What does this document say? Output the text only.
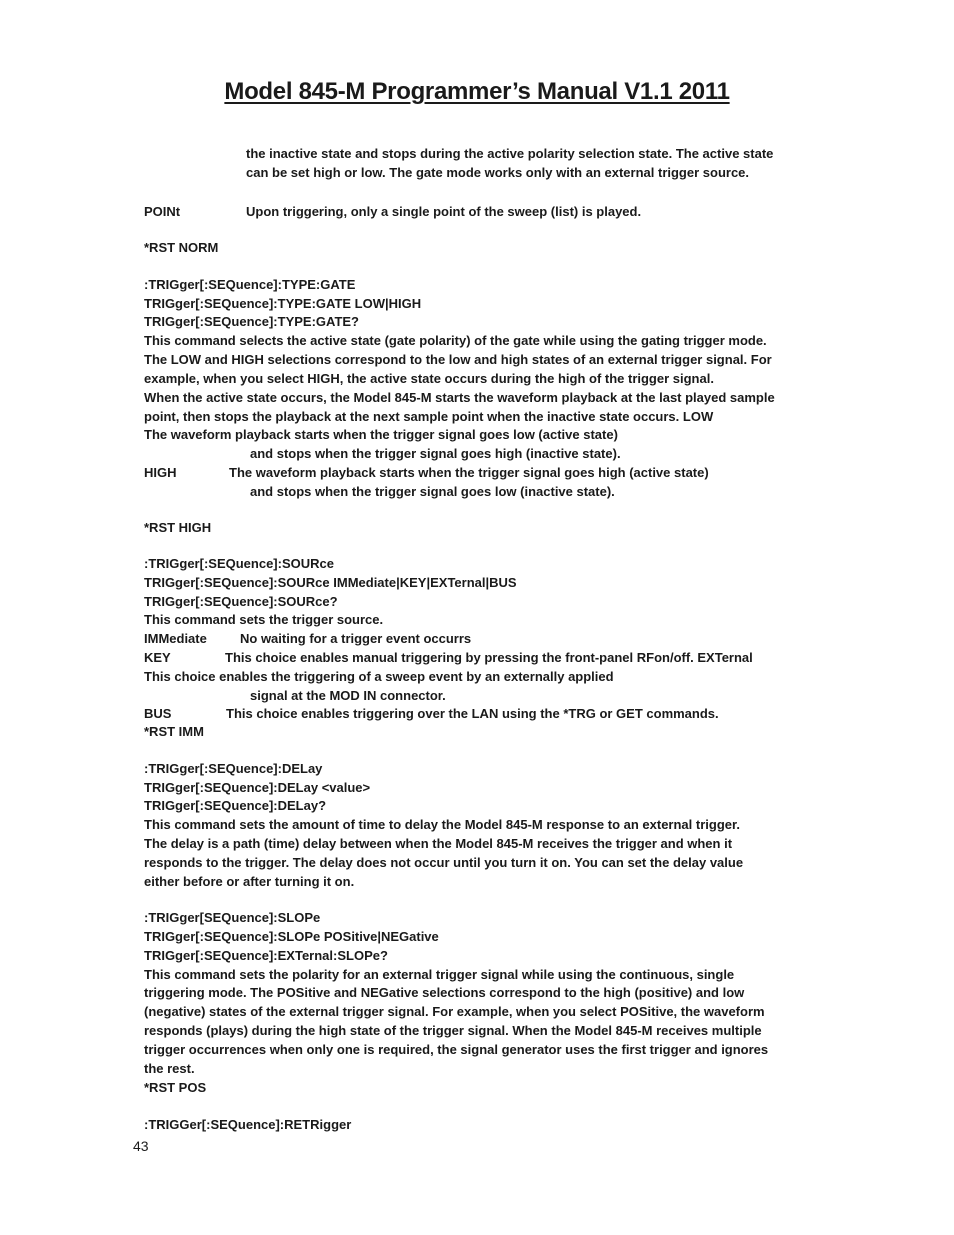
Model 845-M Programmer’s Manual V1.1 2011
the inactive state and stops during the active polarity selection state. The active state
can be set high or low. The gate mode works only with an external trigger source.
POINt	Upon triggering, only a single point of the sweep (list) is played.
*RST NORM
:TRIGger[:SEQuence]:TYPE:GATE
TRIGger[:SEQuence]:TYPE:GATE LOW|HIGH
TRIGger[:SEQuence]:TYPE:GATE?
This command selects the active state (gate polarity) of the gate while using the gating trigger mode.
The LOW and HIGH selections correspond to the low and high states of an external trigger signal. For
example, when you select HIGH, the active state occurs during the high of the trigger signal.
When the active state occurs, the Model 845-M starts the waveform playback at the last played sample
point, then stops the playback at the next sample point when the inactive state occurs. LOW
The waveform playback starts when the trigger signal goes low (active state)
and stops when the trigger signal goes high (inactive state).
HIGH	The waveform playback starts when the trigger signal goes high (active state)
and stops when the trigger signal goes low (inactive state).
*RST HIGH
:TRIGger[:SEQuence]:SOURce
TRIGger[:SEQuence]:SOURce IMMediate|KEY|EXTernal|BUS
TRIGger[:SEQuence]:SOURce?
This command sets the trigger source.
IMMediate	No waiting for a trigger event occurrs
KEY	This choice enables manual triggering by pressing the front-panel RFon/off. EXTernal
This choice enables the triggering of a sweep event by an externally applied
signal at the MOD IN connector.
BUS	This choice enables triggering over the LAN using the *TRG or GET commands.
*RST IMM
:TRIGger[:SEQuence]:DELay
TRIGger[:SEQuence]:DELay <value>
TRIGger[:SEQuence]:DELay?
This command sets the amount of time to delay the Model 845-M response to an external trigger.
The delay is a path (time) delay between when the Model 845-M receives the trigger and when it
responds to the trigger. The delay does not occur until you turn it on. You can set the delay value
either before or after turning it on.
:TRIGger[SEQuence]:SLOPe
TRIGger[:SEQuence]:SLOPe POSitive|NEGative
TRIGger[:SEQuence]:EXTernal:SLOPe?
This command sets the polarity for an external trigger signal while using the continuous, single
triggering mode. The POSitive and NEGative selections correspond to the high (positive) and low
(negative) states of the external trigger signal. For example, when you select POSitive, the waveform
responds (plays) during the high state of the trigger signal. When the Model 845-M receives multiple
trigger occurrences when only one is required, the signal generator uses the first trigger and ignores
the rest.
*RST POS
:TRIGGer[:SEQuence]:RETRigger
43
